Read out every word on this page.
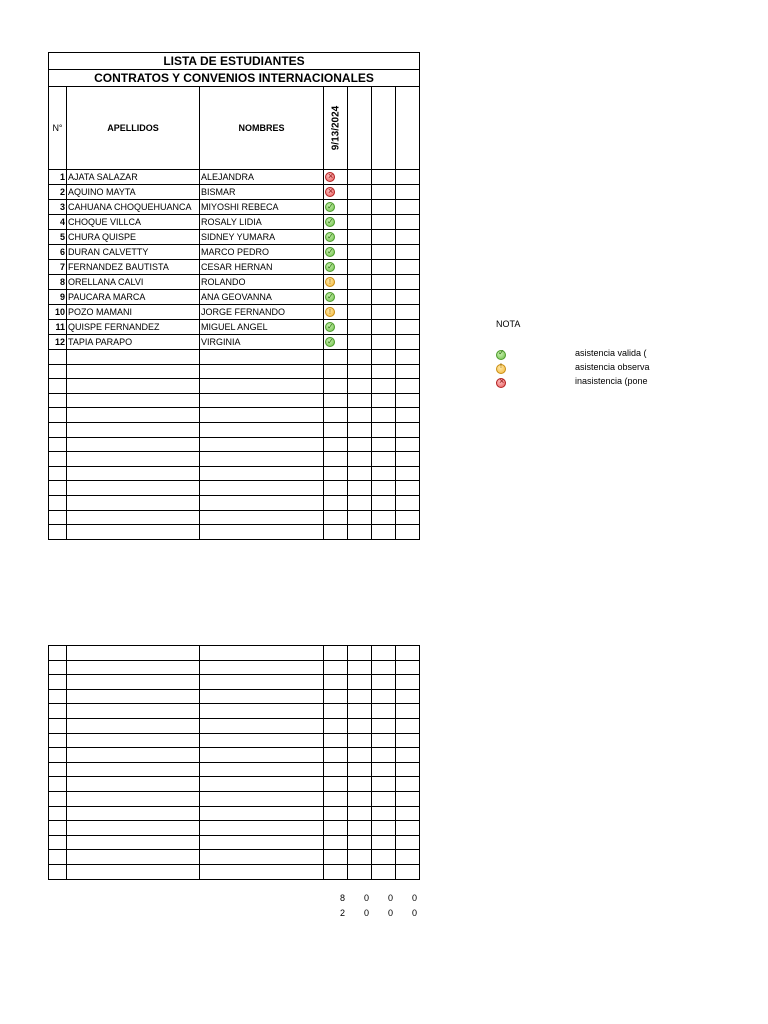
LISTA DE ESTUDIANTES						
CONTRATOS Y CONVENIOS INTERNACIONALES						
N°	APELLIDOS	NOMBRES	9/13/2024			

1	AJATA SALAZAR	ALEJANDRA	×			
2	AQUINO MAYTA	BISMAR	×			
3	CAHUANA CHOQUEHUANCA	MIYOSHI REBECA	✓			
4	CHOQUE VILLCA	ROSALY LIDIA	✓			
5	CHURA QUISPE	SIDNEY YUMARA	✓			
6	DURAN CALVETTY	MARCO PEDRO	✓			
7	FERNANDEZ BAUTISTA	CESAR HERNAN	✓			
8	ORELLANA CALVI	ROLANDO	!			
9	PAUCARA MARCA	ANA GEOVANNA	✓			
10	POZO MAMANI	JORGE FERNANDO	!			
11	QUISPE FERNANDEZ	MIGUEL ANGEL	✓			
12	TAPIA PARAPO	VIRGINIA	✓			

8	0	0	0
2	0	0	0
NOTA
✓
asistencia valida (
!
asistencia observa
×
inasistencia (pone
